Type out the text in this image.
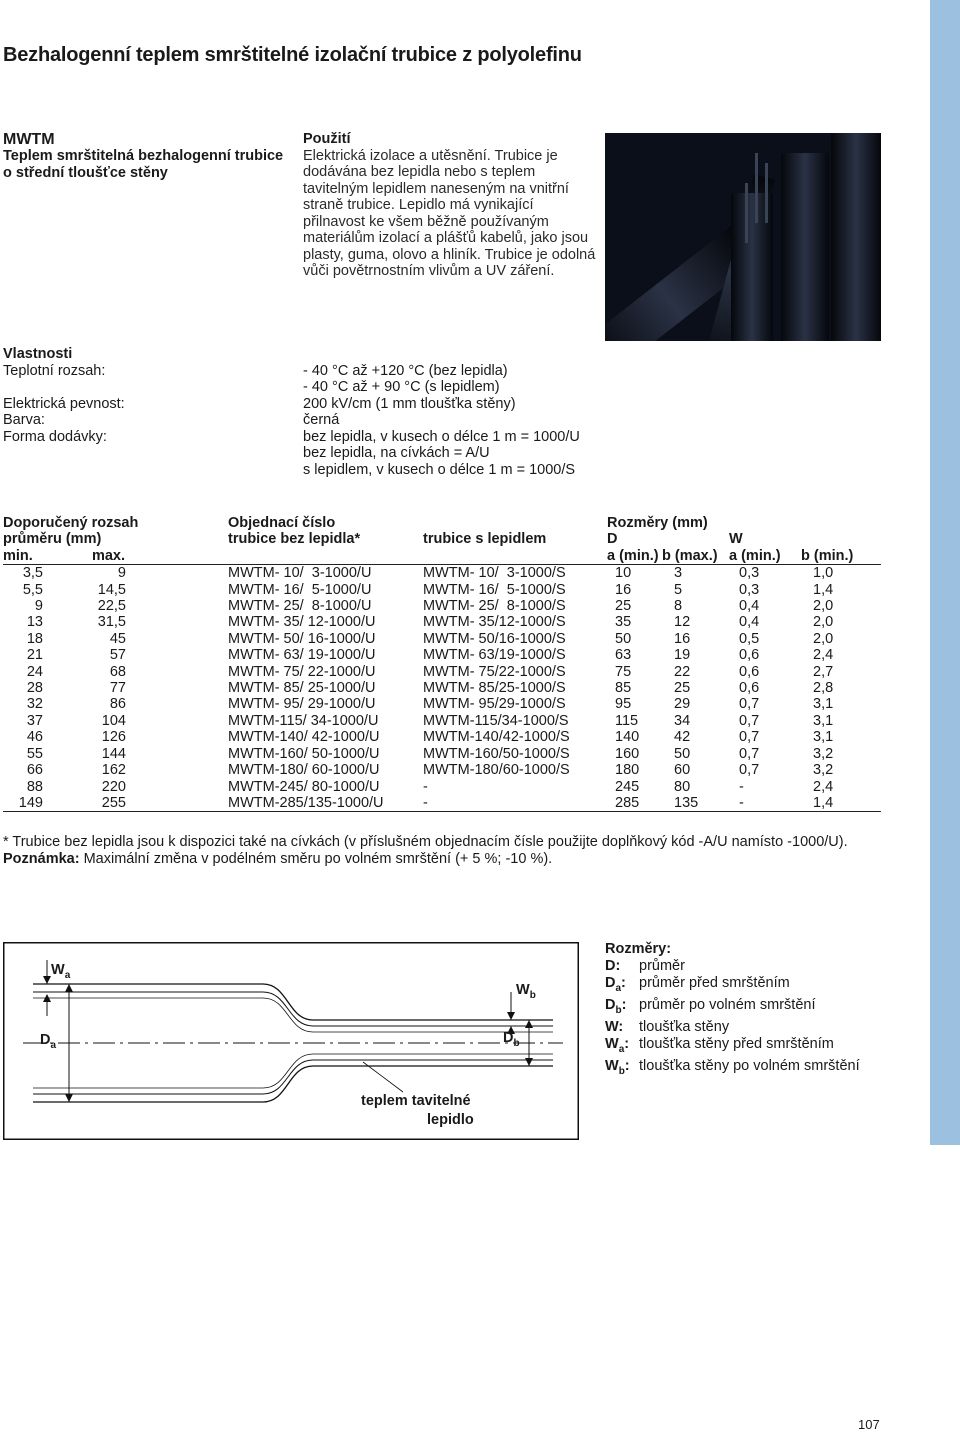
Bezhalogenní teplem smrštitelné izolační trubice z polyolefinu
MWTM
Teplem smrštitelná bezhalogenní trubice
o střední tloušťce stěny
Použití
Elektrická izolace a utěsnění. Trubice je dodávána bez lepidla nebo s teplem tavitelným lepidlem naneseným na vnitřní straně trubice. Lepidlo má vynikající přilnavost ke všem běžně používaným materiálům izolací a plášťů kabelů, jako jsou plasty, guma, olovo a hliník. Trubice je odolná vůči povětrnostním vlivům a UV záření.
Vlastnosti
Teplotní rozsah:	- 40 °C až +120 °C (bez lepidla)
- 40 °C až + 90 °C (s lepidlem)
Elektrická pevnost:	200 kV/cm (1 mm tloušťka stěny)
Barva:	černá
Forma dodávky:	bez lepidla, v kusech o délce 1 m = 1000/U
bez lepidla, na cívkách = A/U
s lepidlem, v kusech o délce 1 m = 1000/S
Doporučený rozsah			Objednací číslo		Rozměry (mm)			
průměru (mm)			trubice bez lepidla*	trubice s lepidlem	D		W	
min.	max.				a (min.)	b (max.)	a (min.)	b (min.)
3,5	9		MWTM- 10/  3-1000/U	MWTM- 10/  3-1000/S	10	3	0,3	1,0
5,5	14,5		MWTM- 16/  5-1000/U	MWTM- 16/  5-1000/S	16	5	0,3	1,4
9	22,5		MWTM- 25/  8-1000/U	MWTM- 25/  8-1000/S	25	8	0,4	2,0
13	31,5		MWTM- 35/ 12-1000/U	MWTM- 35/12-1000/S	35	12	0,4	2,0
18	45		MWTM- 50/ 16-1000/U	MWTM- 50/16-1000/S	50	16	0,5	2,0
21	57		MWTM- 63/ 19-1000/U	MWTM- 63/19-1000/S	63	19	0,6	2,4
24	68		MWTM- 75/ 22-1000/U	MWTM- 75/22-1000/S	75	22	0,6	2,7
28	77		MWTM- 85/ 25-1000/U	MWTM- 85/25-1000/S	85	25	0,6	2,8
32	86		MWTM- 95/ 29-1000/U	MWTM- 95/29-1000/S	95	29	0,7	3,1
37	104		MWTM-115/ 34-1000/U	MWTM-115/34-1000/S	115	34	0,7	3,1
46	126		MWTM-140/ 42-1000/U	MWTM-140/42-1000/S	140	42	0,7	3,1
55	144		MWTM-160/ 50-1000/U	MWTM-160/50-1000/S	160	50	0,7	3,2
66	162		MWTM-180/ 60-1000/U	MWTM-180/60-1000/S	180	60	0,7	3,2
88	220		MWTM-245/ 80-1000/U	-	245	80	-	2,4
149	255		MWTM-285/135-1000/U	-	285	135	-	1,4
* Trubice bez lepidla jsou k dispozici také na cívkách (v příslušném objednacím čísle použijte doplňkový kód -A/U namísto -1000/U).
Poznámka: Maximální změna v podélném směru po volném smrštění (+ 5 %; -10 %).
$W_a$
$D_a$
$W_b$
$D_b$
teplem tavitelné
lepidlo
Rozměry:
D:	průměr
$D_a$: průměr před smrštěním
$D_b$: průměr po volném smrštění
W:	tloušťka stěny
$W_a$: tloušťka stěny před smrštěním
$W_b$: tloušťka stěny po volném smrštění
107
